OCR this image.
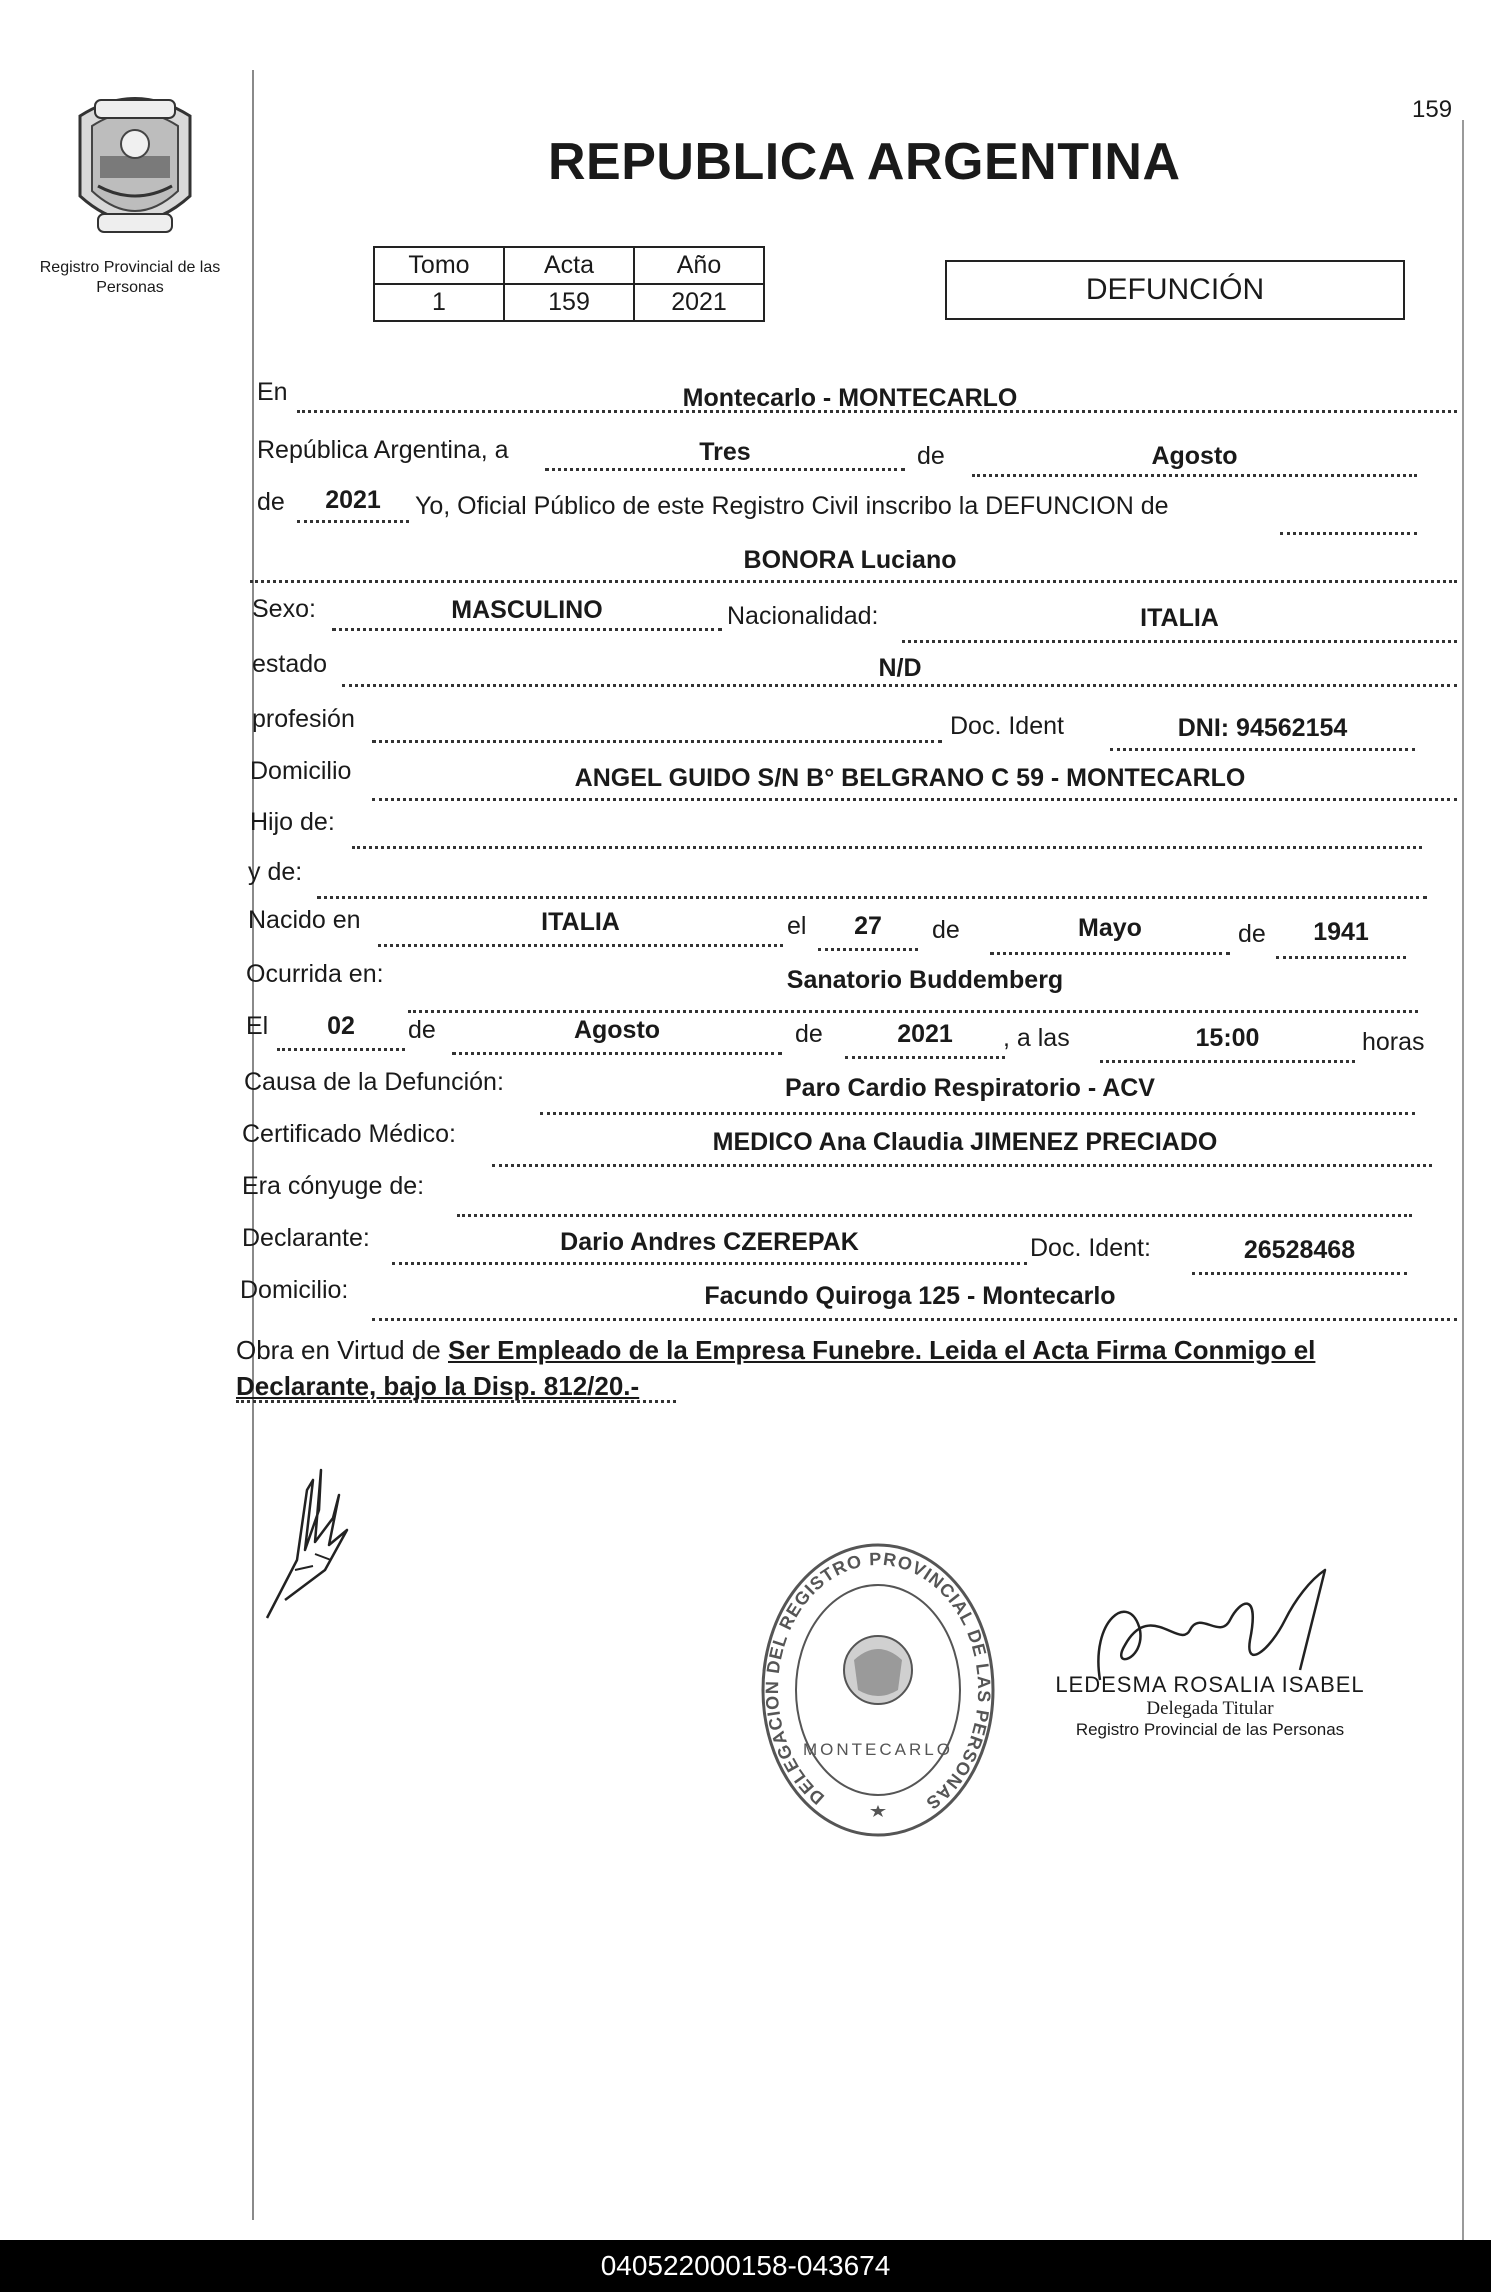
159
Registro Provincial de las Personas
REPUBLICA ARGENTINA
Tomo	Acta	Año
1	159	2021	DEFUNCIÓN
En	Montecarlo - MONTECARLO
República Argentina, a	Tres	de	Agosto
de	2021	Yo, Oficial Público de este Registro Civil inscribo la DEFUNCION de
BONORA Luciano
Sexo:	MASCULINO	Nacionalidad:	ITALIA
estado	N/D
profesión	Doc. Ident	DNI: 94562154
Domicilio	ANGEL GUIDO S/N B° BELGRANO C 59 - MONTECARLO
Hijo de:
y de:
Nacido en	ITALIA	el	27	de	Mayo	de	1941
Ocurrida en:	Sanatorio Buddemberg
El	02	de	Agosto	de	2021	, a las	15:00	horas
Causa de la Defunción:	Paro Cardio Respiratorio - ACV
Certificado Médico:	MEDICO Ana Claudia JIMENEZ PRECIADO
Era cónyuge de:
Declarante:	Dario Andres CZEREPAK	Doc. Ident:	26528468
Domicilio:	Facundo Quiroga 125 - Montecarlo
Obra en Virtud de Ser Empleado de la Empresa Funebre. Leida el Acta Firma Conmigo el Declarante, bajo la Disp. 812/20.-
DELEGACION DEL REGISTRO PROVINCIAL DE LAS PERSONAS
MONTECARLO
LEDESMA ROSALIA ISABEL
Delegada Titular
Registro Provincial de las Personas
040522000158-043674
